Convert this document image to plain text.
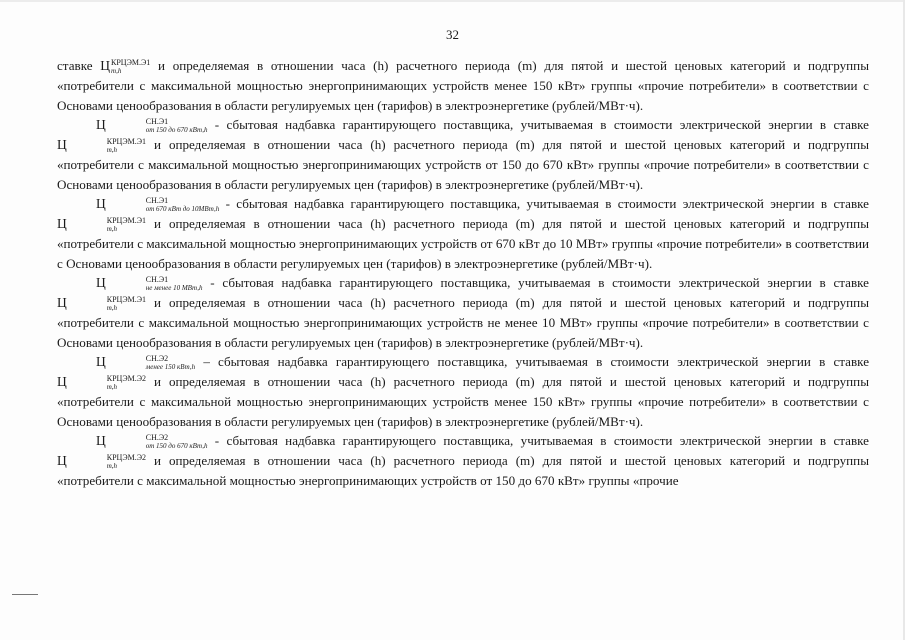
32

ставке Ц КРЦЭМ.Э1
m,h	и определяемая в отношении часа (h) расчетного периода (m) для пятой и шестой ценовых категорий и подгруппы «потребители с максимальной мощностью энергопринимающих устройств менее 150 кВт» группы «прочие потребители» в соответствии с Основами ценообразования в области регулируемых цен (тарифов) в электроэнергетике (рублей/МВт·ч).

Ц	СН.Э1
от 150 до 670 кВт,h - сбытовая надбавка гарантирующего поставщика, учитываемая в стоимости электрической энергии в ставке Ц	КРЦЭМ.Э1
m,h	и определяемая в отношении часа (h) расчетного периода (m) для пятой и шестой ценовых категорий и подгруппы «потребители с максимальной мощностью энергопринимающих устройств от 150 до 670 кВт» группы «прочие потребители» в соответствии с Основами ценообразования в области регулируемых цен (тарифов) в электроэнергетике (рублей/МВт·ч).

Ц	СН.Э1
от 670 кВт до 10МВт,h - сбытовая надбавка гарантирующего поставщика, учитываемая в стоимости электрической энергии в ставке Ц	КРЦЭМ.Э1
m,h	и определяемая в отношении часа (h) расчетного периода (m) для пятой и шестой ценовых категорий и подгруппы «потребители с максимальной мощностью энергопринимающих устройств от 670 кВт до 10 МВт» группы «прочие потребители» в соответствии с Основами ценообразования в области регулируемых цен (тарифов) в электроэнергетике (рублей/МВт·ч).

Ц	СН.Э1
не менее 10 МВт,h - сбытовая надбавка гарантирующего поставщика, учитываемая в стоимости электрической энергии в ставке Ц	КРЦЭМ.Э1
m,h	и определяемая в отношении часа (h) расчетного периода (m) для пятой и шестой ценовых категорий и подгруппы «потребители с максимальной мощностью энергопринимающих устройств не менее 10 МВт» группы «прочие потребители» в соответствии с Основами ценообразования в области регулируемых цен (тарифов) в электроэнергетике (рублей/МВт·ч).

Ц	СН.Э2
менее 150 кВт,h – сбытовая надбавка гарантирующего поставщика, учитываемая в стоимости электрической энергии в ставке Ц	КРЦЭМ.Э2
m,h	и определяемая в отношении часа (h) расчетного периода (m) для пятой и шестой ценовых категорий и подгруппы «потребители с максимальной мощностью энергопринимающих устройств менее 150 кВт» группы «прочие потребители» в соответствии с Основами ценообразования в области регулируемых цен (тарифов) в электроэнергетике (рублей/МВт·ч).

Ц	СН.Э2
от 150 до 670 кВт,h - сбытовая надбавка гарантирующего поставщика, учитываемая в стоимости электрической энергии в ставке Ц	КРЦЭМ.Э2
m,h	и определяемая в отношении часа (h) расчетного периода (m) для пятой и шестой ценовых категорий и подгруппы «потребители с максимальной мощностью энергопринимающих устройств от 150 до 670 кВт» группы «прочие
